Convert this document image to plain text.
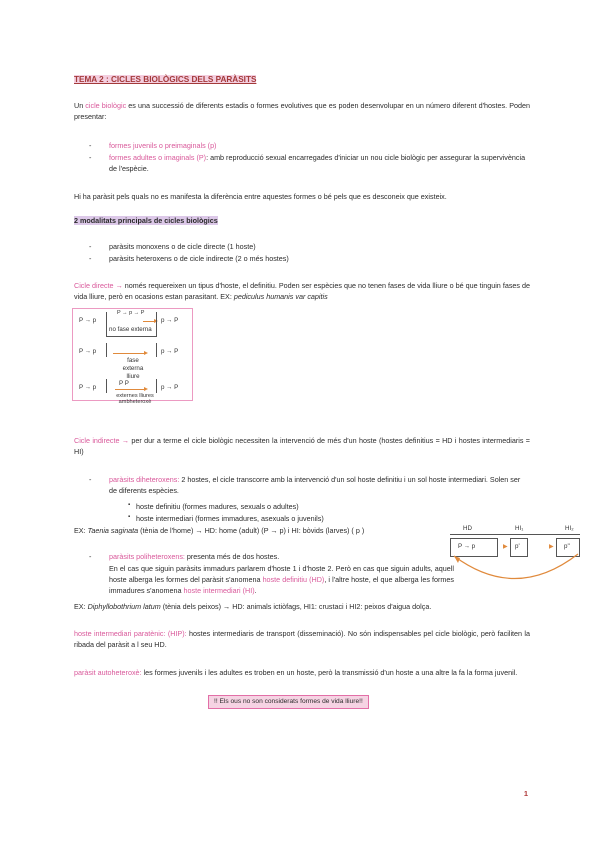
TEMA 2 : CICLES BIOLÒGICS DELS PARÀSITS
Un cicle biològic es una successió de diferents estadis o formes evolutives que es poden desenvolupar en un número diferent d'hostes. Poden presentar:
- formes juvenils o preimaginals (p)
- formes adultes o imaginals (P): amb reproducció sexual encarregades d'iniciar un nou cicle biològic per assegurar la supervivència de l'espècie.
Hi ha paràsit pels quals no es manifesta la diferència entre aquestes formes o bé pels que es desconeix que existeix.
2 modalitats principals de cicles biològics
- paràsits monoxens o de cicle directe (1 hoste)
- paràsits heteroxens o de cicle indirecte (2 o més hostes)
Cicle directe → només requereixen un tipus d'hoste, el definitiu. Poden ser espècies que no tenen fases de vida lliure o bé que tinguin fases de vida lliure, però en ocasions estan parasitant. EX: pediculus humanis var capitis
P → p
P → p → P
no fase externa
p → P
P → p
fase externa lliure
p → P
P → p
P P
externes lliures ambheteroxè
p → P
Cicle indirecte → per dur a terme el cicle biològic necessiten la intervenció de més d'un hoste (hostes definitius = HD i hostes intermediaris = HI)
- paràsits diheteroxens: 2 hostes, el cicle transcorre amb la intervenció d'un sol hoste definitiu i un sol hoste intermediari. Solen ser de diferents espècies.
▪ hoste definitiu (formes madures, sexuals o adultes)
▪ hoste intermediari (formes immadures, asexuals o juvenils)
EX: Taenia saginata (tènia de l'home) → HD: home (adult) (P → p) i HI: bòvids (larves) ( p )	HD	HI₁	HI₂
P → p	▶ p'	▶ p''
- paràsits poliheteroxens: presenta més de dos hostes.
En el cas que siguin paràsits immadurs parlarem d'hoste 1 i d'hoste 2. Però en cas que siguin adults, aquell hoste alberga les formes del paràsit s'anomena hoste definitiu (HD), i l'altre hoste, el que alberga les formes immadures s'anomena hoste intermediari (HI).
EX: Diphyllobothrium latum (tènia dels peixos) → HD: animals ictiòfags, HI1: crustaci i HI2: peixos d'aigua dolça.
hoste intermediari paratènic: (HIP): hostes intermediaris de transport (disseminació). No són indispensables pel cicle biològic, però faciliten la ribada del paràsit a l seu HD.
paràsit autoheteroxè: les formes juvenils i les adultes es troben en un hoste, però la transmissió d'un hoste a una altre la fa la forma juvenil.
!! Els ous no son considerats formes de vida lliure!!
1
